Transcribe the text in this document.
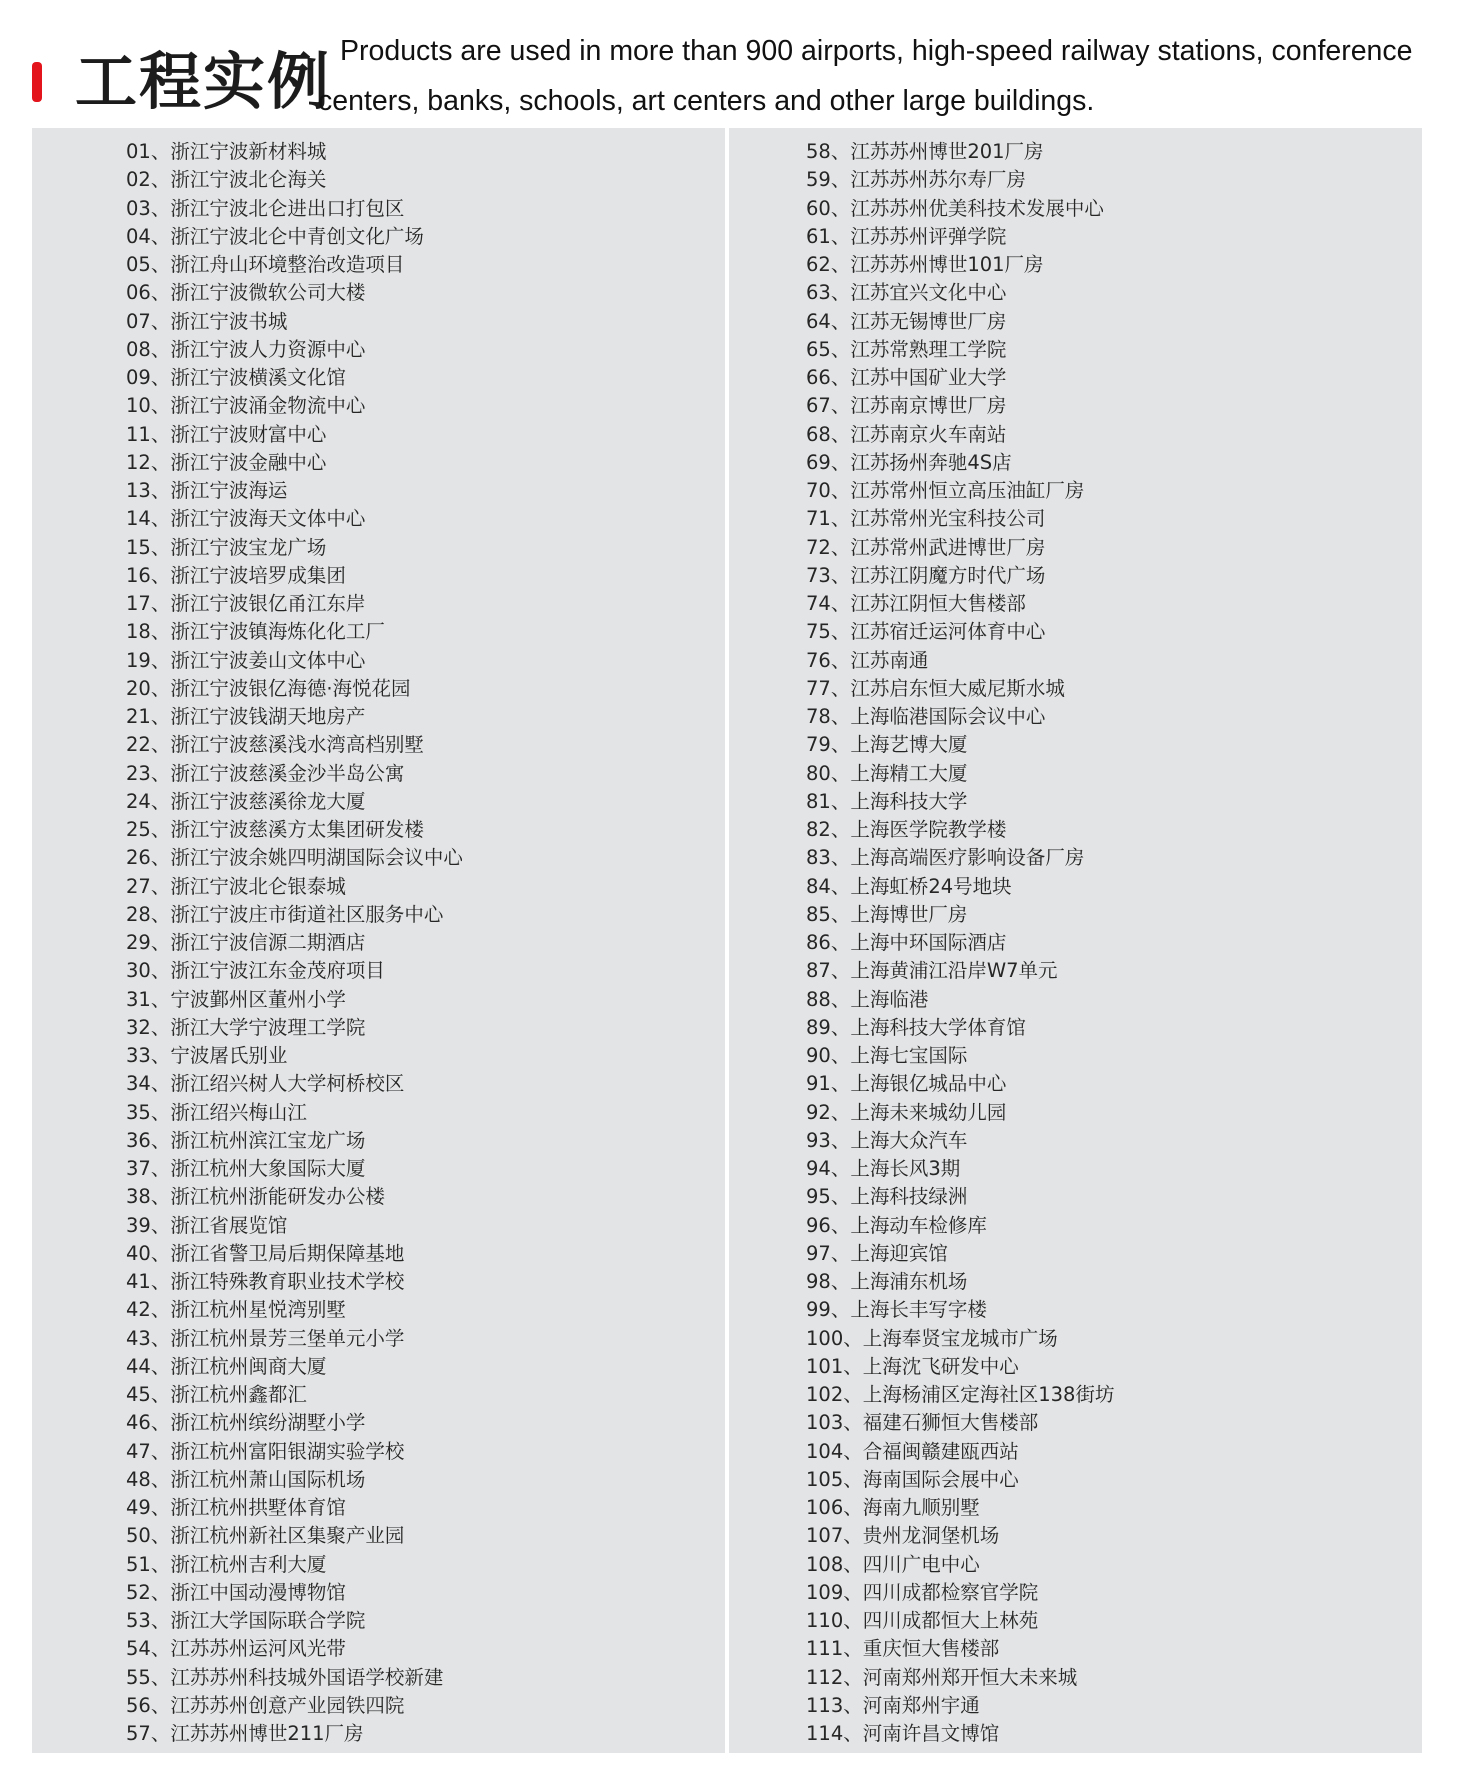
工程实例 Products are used in more than 900 airports, high-speed railway stations, conference centers, banks, schools, art centers and other large buildings.

01、浙江宁波新材料城
02、浙江宁波北仑海关
03、浙江宁波北仑进出口打包区
04、浙江宁波北仑中青创文化广场
05、浙江舟山环境整治改造项目
06、浙江宁波微软公司大楼
07、浙江宁波书城
08、浙江宁波人力资源中心
09、浙江宁波横溪文化馆
10、浙江宁波涌金物流中心
11、浙江宁波财富中心
12、浙江宁波金融中心
13、浙江宁波海运
14、浙江宁波海天文体中心
15、浙江宁波宝龙广场
16、浙江宁波培罗成集团
17、浙江宁波银亿甬江东岸
18、浙江宁波镇海炼化化工厂
19、浙江宁波姜山文体中心
20、浙江宁波银亿海德·海悦花园
21、浙江宁波钱湖天地房产
22、浙江宁波慈溪浅水湾高档别墅
23、浙江宁波慈溪金沙半岛公寓
24、浙江宁波慈溪徐龙大厦
25、浙江宁波慈溪方太集团研发楼
26、浙江宁波余姚四明湖国际会议中心
27、浙江宁波北仑银泰城
28、浙江宁波庄市街道社区服务中心
29、浙江宁波信源二期酒店
30、浙江宁波江东金茂府项目
31、宁波鄞州区董州小学
32、浙江大学宁波理工学院
33、宁波屠氏别业
34、浙江绍兴树人大学柯桥校区
35、浙江绍兴梅山江
36、浙江杭州滨江宝龙广场
37、浙江杭州大象国际大厦
38、浙江杭州浙能研发办公楼
39、浙江省展览馆
40、浙江省警卫局后期保障基地
41、浙江特殊教育职业技术学校
42、浙江杭州星悦湾别墅
43、浙江杭州景芳三堡单元小学
44、浙江杭州闽商大厦
45、浙江杭州鑫都汇
46、浙江杭州缤纷湖墅小学
47、浙江杭州富阳银湖实验学校
48、浙江杭州萧山国际机场
49、浙江杭州拱墅体育馆
50、浙江杭州新社区集聚产业园
51、浙江杭州吉利大厦
52、浙江中国动漫博物馆
53、浙江大学国际联合学院
54、江苏苏州运河风光带
55、江苏苏州科技城外国语学校新建
56、江苏苏州创意产业园铁四院
57、江苏苏州博世211厂房
58、江苏苏州博世201厂房
59、江苏苏州苏尔寿厂房
60、江苏苏州优美科技术发展中心
61、江苏苏州评弹学院
62、江苏苏州博世101厂房
63、江苏宜兴文化中心
64、江苏无锡博世厂房
65、江苏常熟理工学院
66、江苏中国矿业大学
67、江苏南京博世厂房
68、江苏南京火车南站
69、江苏扬州奔驰4S店
70、江苏常州恒立高压油缸厂房
71、江苏常州光宝科技公司
72、江苏常州武进博世厂房
73、江苏江阴魔方时代广场
74、江苏江阴恒大售楼部
75、江苏宿迁运河体育中心
76、江苏南通
77、江苏启东恒大威尼斯水城
78、上海临港国际会议中心
79、上海艺博大厦
80、上海精工大厦
81、上海科技大学
82、上海医学院教学楼
83、上海高端医疗影响设备厂房
84、上海虹桥24号地块
85、上海博世厂房
86、上海中环国际酒店
87、上海黄浦江沿岸W7单元
88、上海临港
89、上海科技大学体育馆
90、上海七宝国际
91、上海银亿城品中心
92、上海未来城幼儿园
93、上海大众汽车
94、上海长风3期
95、上海科技绿洲
96、上海动车检修库
97、上海迎宾馆
98、上海浦东机场
99、上海长丰写字楼
100、上海奉贤宝龙城市广场
101、上海沈飞研发中心
102、上海杨浦区定海社区138街坊
103、福建石狮恒大售楼部
104、合福闽赣建瓯西站
105、海南国际会展中心
106、海南九顺别墅
107、贵州龙洞堡机场
108、四川广电中心
109、四川成都检察官学院
110、四川成都恒大上林苑
111、重庆恒大售楼部
112、河南郑州郑开恒大未来城
113、河南郑州宇通
114、河南许昌文博馆
